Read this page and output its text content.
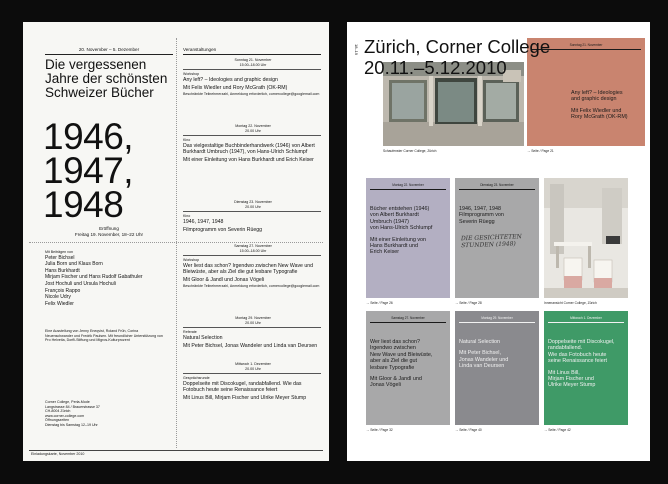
20. November – 5. Dezember
Die vergessenen Jahre der schönsten Schweizer Bücher
1946,
1947,
1948
Eröffnung
Freitag 19. November, 18–22 Uhr
Mit Beiträgen von
Peter Bichsel
Julia Born und Klaus Born
Hans Burkhardt
Mirjam Fischer und Hans Rudolf Gabathuler
Jost Hochuli und Ursula Hochuli
François Rappo
Nicole Udry
Felix Wiedler
Eine Ausstellung von Jenny Eneqvist, Roland Früh, Corina Neuenschwander und Fredrik Paulsen. Mit freundlicher Unterstützung von Pro Helvetia, Dorfli-Stiftung und Migros-Kulturprozent
Corner College, Perla-Mode
Langstrasse 84 / Brauerstrasse 37
CH-8004 Zürich
www.corner-college.com
Öffnungszeiten
Dienstag bis Samstag 12–19 Uhr
Einladungskarte, November 2010
Veranstaltungen
Sonntag 21. November
15.00–18.00 Uhr
Workshop
Any left? – Ideologies and graphic design
Mit Felix Wiedler und Rory McGrath (OK-RM)
Beschränkte Teilnehmerzahl, Anmeldung erforderlich, cornercollege@googlemail.com
Montag 22. November
20.00 Uhr
Kino
Das vielgestaltige Buchbinderhandwerk (1946) von Albert Burkhardt Umbruch (1947), von Hans-Ulrich Schlumpf
Mit einer Einleitung von Hans Burkhardt und Erich Keiser
Dienstag 23. November
20.00 Uhr
Kino
1946, 1947, 1948
Filmprogramm von Severin Rüegg
Samstag 27. November
15.00–18.00 Uhr
Workshop
Wer liest das schon? Irgendwo zwischen New Wave und Bleiwüste, aber als Ziel die gut lesbare Typografie
Mit Gloor & Jandl und Jonas Vögeli
Beschränkte Teilnehmerzahl, Anmeldung erforderlich, cornercollege@googlemail.com
Montag 29. November
20.00 Uhr
Referate
Natural Selection
Mit Peter Bichsel, Jonas Wandeler und Linda van Deursen
Mittwoch 1. Dezember
20.00 Uhr
Gesprächsrunde
Doppelseite mit Discokugel, randabfallend. Wie das Fotobuch heute seine Renaissance feiert
Mit Linus Bill, Mirjam Fischer und Ulrike Meyer Stump
18–19
Schaufenster Corner College, Zürich
Sonntag 21. November
Any left? – Ideologies
and graphic design
Mit Felix Wiedler und
Rory McGrath (OK-RM)
→ Seite / Page 21
Zürich, Corner College
20.11.–5.12.2010
Montag 22. November
Bücher entstehen (1946)
von Albert Burkhardt
Umbruch (1947)
von Hans-Ulrich Schlumpf
Mit einer Einleitung von
Hans Burkhardt und
Erich Keiser
→ Seite / Page 26
Dienstag 23. November
1946, 1947, 1948
Filmprogramm von
Severin Rüegg
DIE GESICHTETEN STUNDEN (1948)
→ Seite / Page 28	Innenansicht Corner College, Zürich
Samstag 27. November
Wer liest das schon?
Irgendwo zwischen
New Wave und Bleiwüste,
aber als Ziel die gut
lesbare Typografie
Mit Gloor & Jandl und
Jonas Vögeli
→ Seite / Page 32
Montag 29. November
Natural Selection
Mit Peter Bichsel,
Jonas Wandeler und
Linda van Deursen
→ Seite / Page 40
Mittwoch 1. Dezember
Doppelseite mit Discokugel,
randabfallend.
Wie das Fotobuch heute
seine Renaissance feiert
Mit Linus Bill,
Mirjam Fischer und
Ulrike Meyer Stump
→ Seite / Page 42
